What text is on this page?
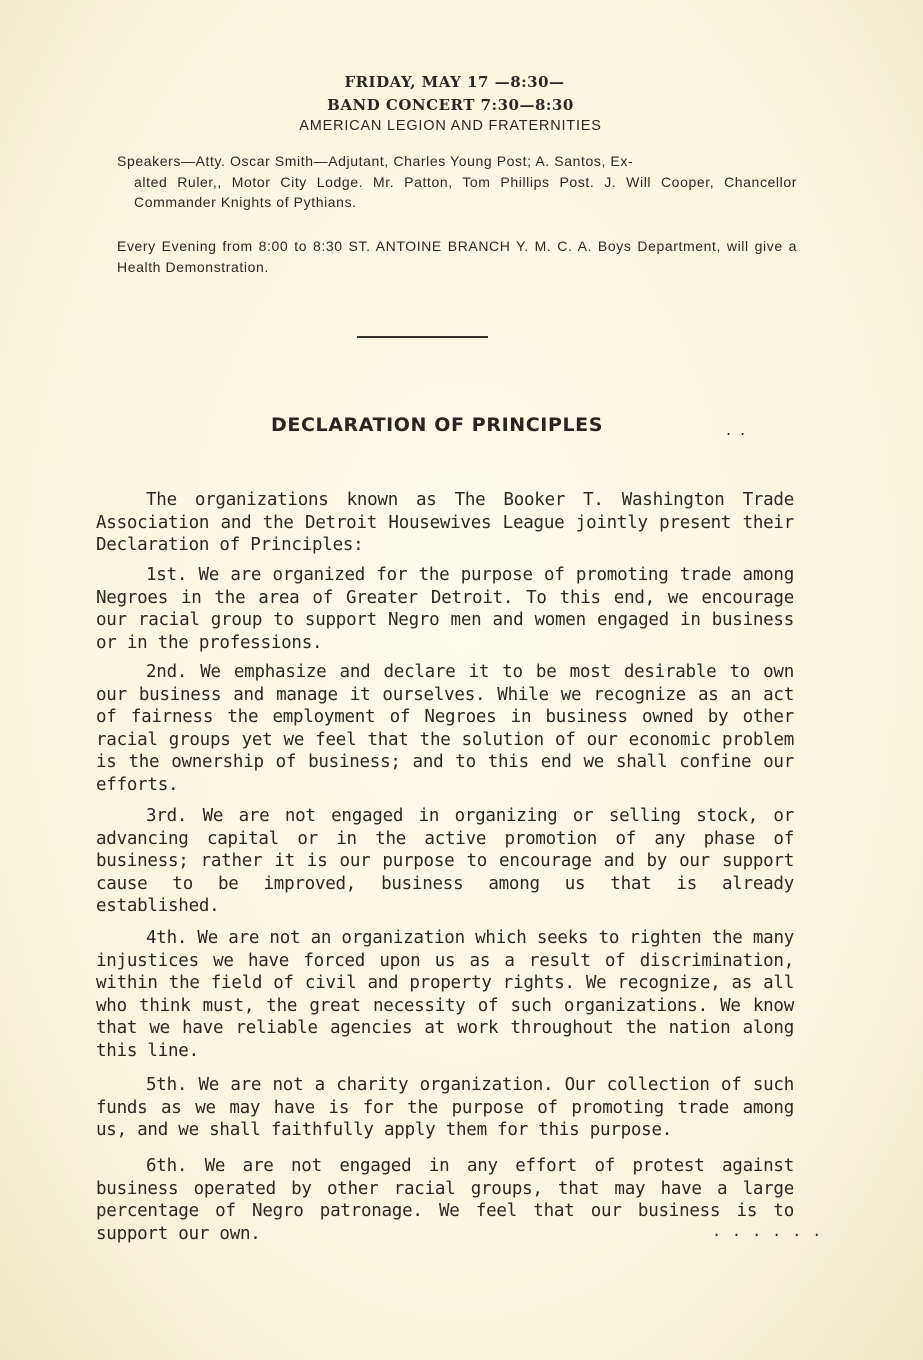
FRIDAY, MAY 17 —8:30—
BAND CONCERT 7:30—8:30
AMERICAN LEGION AND FRATERNITIES

Speakers—Atty. Oscar Smith—Adjutant, Charles Young Post; A. Santos, Ex-
alted Ruler,, Motor City Lodge. Mr. Patton, Tom Phillips Post. J. Will Cooper, Chancellor Commander Knights of Pythians.

Every Evening from 8:00 to 8:30 ST. ANTOINE BRANCH Y. M. C. A. Boys Department, will give a Health Demonstration.

DECLARATION OF PRINCIPLES	. .

The organizations known as The Booker T. Washington Trade Association and the Detroit Housewives League jointly present their Declaration of Principles:

1st. We are organized for the purpose of promoting trade among Negroes in the area of Greater Detroit. To this end, we encourage our racial group to support Negro men and women engaged in business or in the professions.

2nd. We emphasize and declare it to be most desirable to own our business and manage it ourselves. While we recognize as an act of fairness the employment of Negroes in business owned by other racial groups yet we feel that the solution of our economic problem is the ownership of business; and to this end we shall confine our efforts.

3rd. We are not engaged in organizing or selling stock, or advancing capital or in the active promotion of any phase of business; rather it is our purpose to encourage and by our support cause to be improved, business among us that is already established.

4th. We are not an organization which seeks to righten the many injustices we have forced upon us as a result of discrimination, within the field of civil and property rights. We recognize, as all who think must, the great necessity of such organizations. We know that we have reliable agencies at work throughout the nation along this line.

5th. We are not a charity organization. Our collection of such funds as we may have is for the purpose of promoting trade among us, and we shall faithfully apply them for this purpose.

6th. We are not engaged in any effort of protest against business operated by other racial groups, that may have a large percentage of Negro patronage. We feel that our business is to support our own.	. . . . . .
